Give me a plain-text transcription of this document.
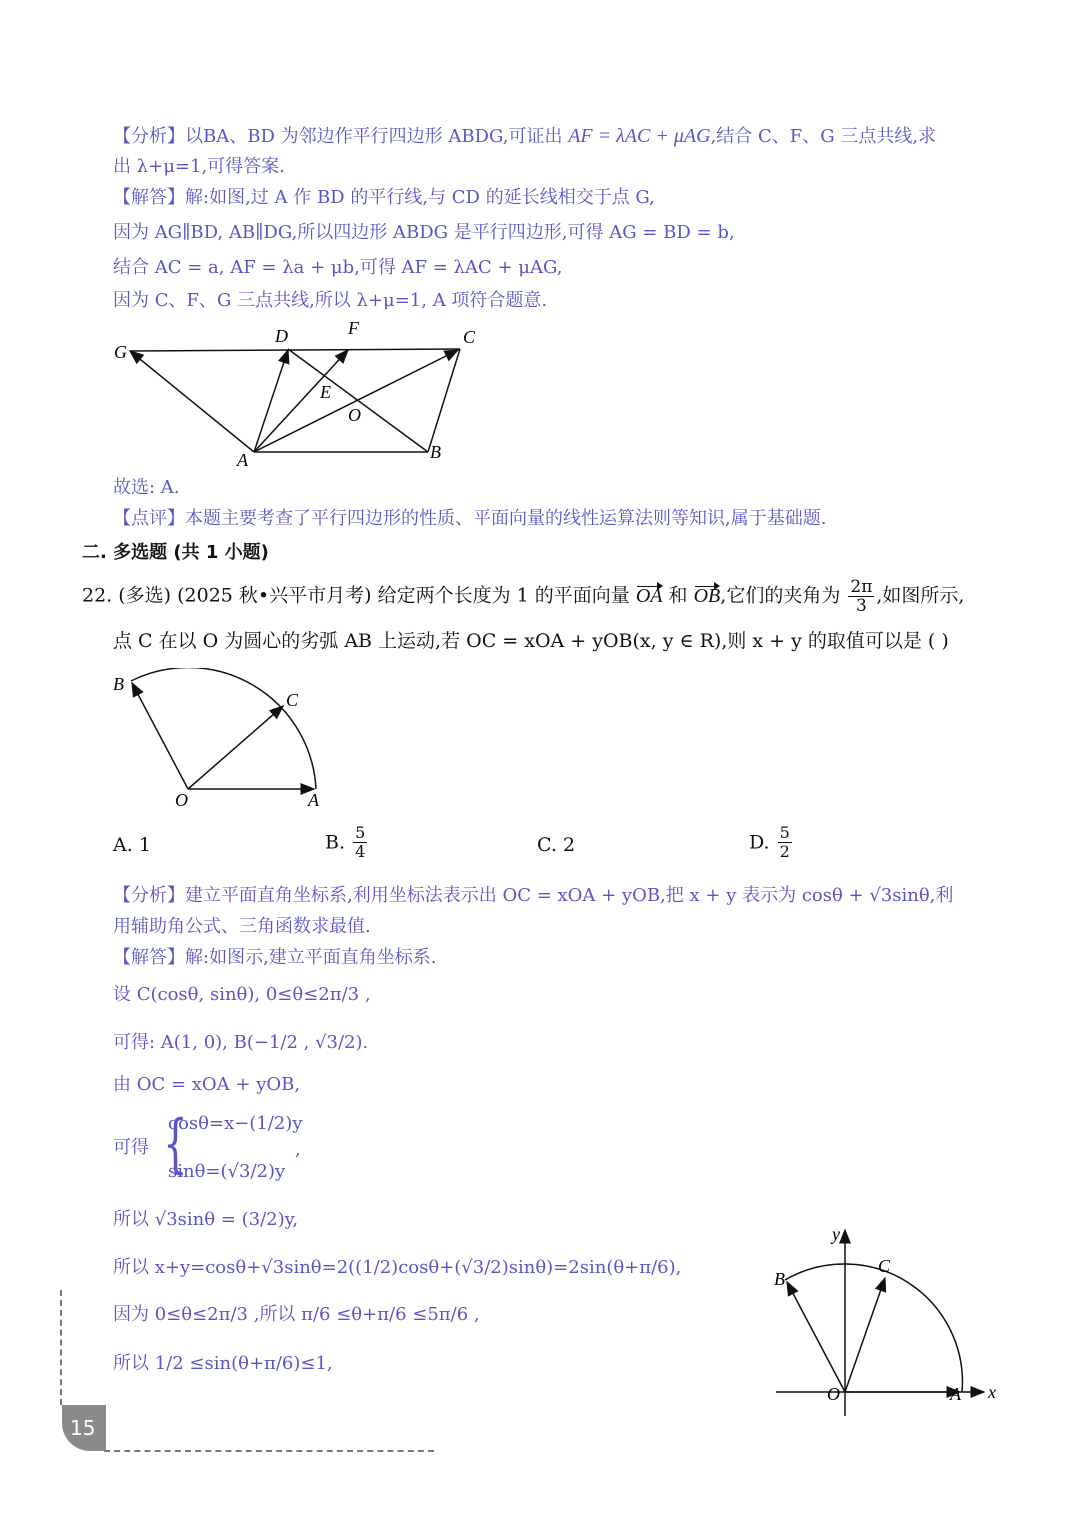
【分析】以BA、BD 为邻边作平行四边形 ABDG,可证出 AF = λAC + μAG,结合 C、F、G 三点共线,求
出 λ+μ=1,可得答案.
【解答】解:如图,过 A 作 BD 的平行线,与 CD 的延长线相交于点 G,
因为 AG∥BD, AB∥DG,所以四边形 ABDG 是平行四边形,可得 AG = BD = b,
结合 AC = a, AF = λa + μb,可得 AF = λAC + μAG,
因为 C、F、G 三点共线,所以 λ+μ=1, A 项符合题意.
G
D	F	C
E
O
A	B
故选: A.
【点评】本题主要考查了平行四边形的性质、平面向量的线性运算法则等知识,属于基础题.
二. 多选题 (共 1 小题)
22. (多选) (2025 秋•兴平市月考) 给定两个长度为 1 的平面向量 OA 和 OB,它们的夹角为 $\frac{2\pi}{3}$ ,如图所示,
点 C 在以 O 为圆心的劣弧 AB 上运动,若 OC = xOA + yOB(x, y ∈ R),则 x + y 的取值可以是 ( )
B
C
O	A
A. 1	B. $\frac{5}{4}$	C. 2	D. $\frac{5}{2}$
【分析】建立平面直角坐标系,利用坐标法表示出 OC = xOA + yOB,把 x + y 表示为 cosθ + √3sinθ,利
用辅助角公式、三角函数求最值.
【解答】解:如图示,建立平面直角坐标系.
设 C(cosθ, sinθ), 0≤θ≤2π/3 ,
可得: A(1, 0), B(−1/2 , √3/2).
由 OC = xOA + yOB,
可得 {
cosθ=x−(1/2)y
sinθ=(√3/2)y
,
所以 √3sinθ = (3/2)y,
所以 x+y=cosθ+√3sinθ=2((1/2)cosθ+(√3/2)sinθ)=2sin(θ+π/6),
因为 0≤θ≤2π/3 ,所以 π/6 ≤θ+π/6 ≤5π/6 ,
所以 1/2 ≤sin(θ+π/6)≤1,
y
x
B
C
O	A
15
